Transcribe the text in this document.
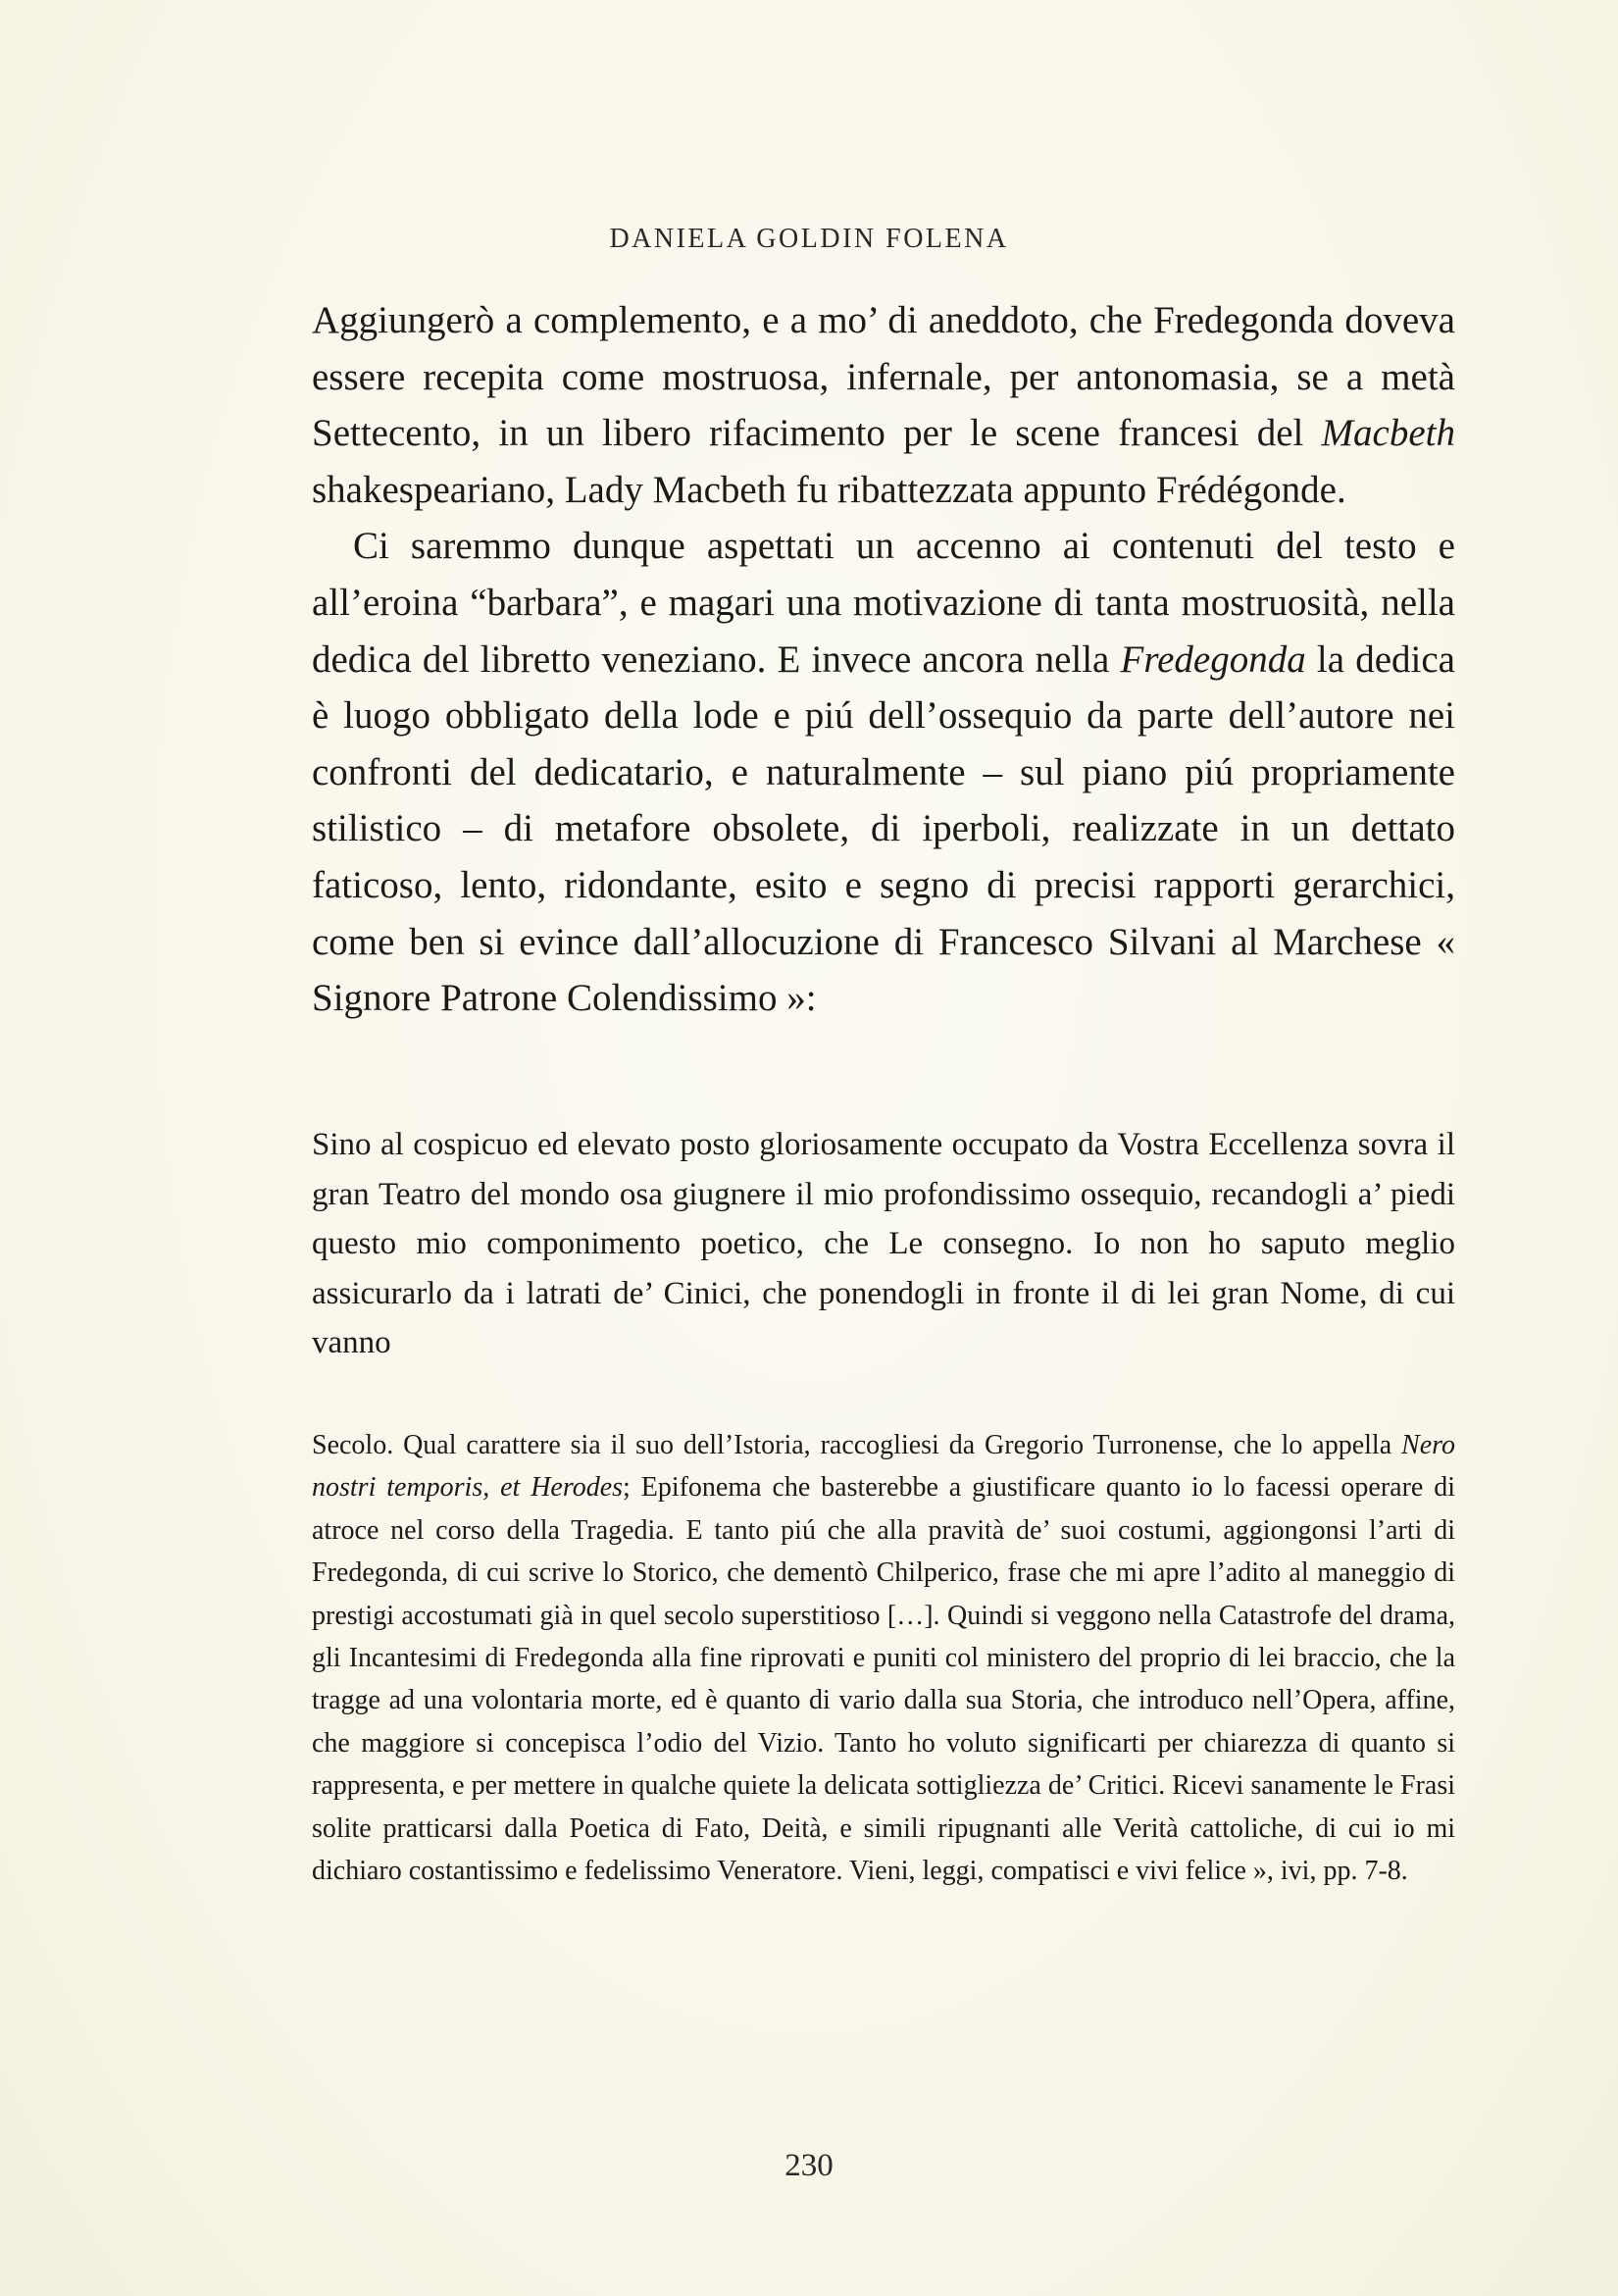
DANIELA GOLDIN FOLENA

Aggiungerò a complemento, e a mo’ di aneddoto, che Fredegonda doveva essere recepita come mostruosa, infernale, per antonomasia, se a metà Settecento, in un libero rifacimento per le scene francesi del Macbeth shakespeariano, Lady Macbeth fu ribattezzata appunto Frédégonde.

Ci saremmo dunque aspettati un accenno ai contenuti del testo e all’eroina “barbara”, e magari una motivazione di tanta mostruosità, nella dedica del libretto veneziano. E invece ancora nella Fredegonda la dedica è luogo obbligato della lode e piú dell’ossequio da parte dell’autore nei confronti del dedicatario, e naturalmente – sul piano piú propriamente stilistico – di metafore obsolete, di iperboli, realizzate in un dettato faticoso, lento, ridondante, esito e segno di precisi rapporti gerarchici, come ben si evince dall’allocuzione di Francesco Silvani al Marchese « Signore Patrone Colendissimo »:

Sino al cospicuo ed elevato posto gloriosamente occupato da Vostra Eccellenza sovra il gran Teatro del mondo osa giugnere il mio profondissimo ossequio, recandogli a’ piedi questo mio componimento poetico, che Le consegno. Io non ho saputo meglio assicurarlo da i latrati de’ Cinici, che ponendogli in fronte il di lei gran Nome, di cui vanno

Secolo. Qual carattere sia il suo dell’Istoria, raccogliesi da Gregorio Turronense, che lo appella Nero nostri temporis, et Herodes; Epifonema che basterebbe a giustificare quanto io lo facessi operare di atroce nel corso della Tragedia. E tanto piú che alla pravità de’ suoi costumi, aggiongonsi l’arti di Fredegonda, di cui scrive lo Storico, che dementò Chilperico, frase che mi apre l’adito al maneggio di prestigi accostumati già in quel secolo superstitioso […]. Quindi si veggono nella Catastrofe del drama, gli Incantesimi di Fredegonda alla fine riprovati e puniti col ministero del proprio di lei braccio, che la tragge ad una volontaria morte, ed è quanto di vario dalla sua Storia, che introduco nell’Opera, affine, che maggiore si concepisca l’odio del Vizio. Tanto ho voluto significarti per chiarezza di quanto si rappresenta, e per mettere in qualche quiete la delicata sottigliezza de’ Critici. Ricevi sanamente le Frasi solite pratticarsi dalla Poetica di Fato, Deità, e simili ripugnanti alle Verità cattoliche, di cui io mi dichiaro costantissimo e fedelissimo Veneratore. Vieni, leggi, compatisci e vivi felice », ivi, pp. 7-8.

230
